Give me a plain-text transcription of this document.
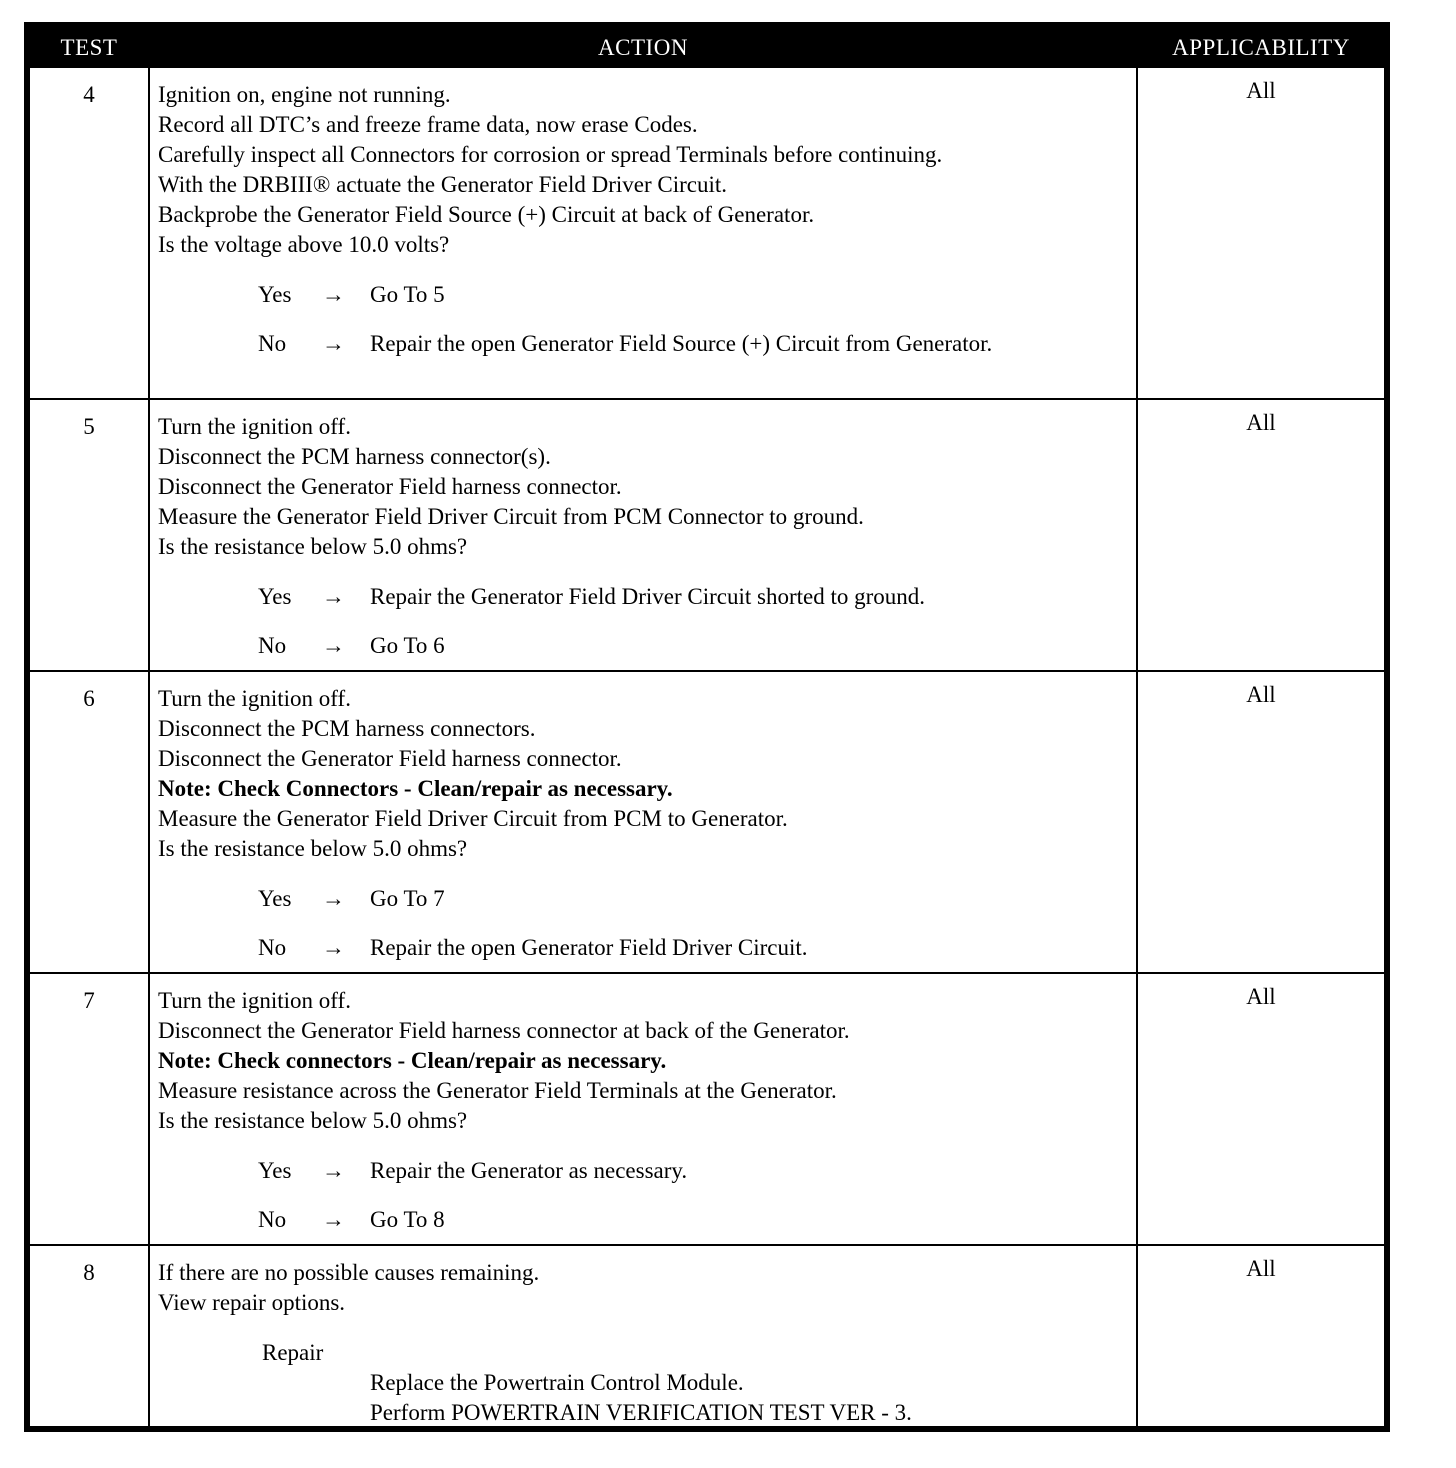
TEST	ACTION	APPLICABILITY
4	Ignition on, engine not running.
Record all DTC’s and freeze frame data, now erase Codes.
Carefully inspect all Connectors for corrosion or spread Terminals before continuing.
With the DRBIII® actuate the Generator Field Driver Circuit.
Backprobe the Generator Field Source (+) Circuit at back of Generator.
Is the voltage above 10.0 volts?
Yes	→	Go To 5
No	→	Repair the open Generator Field Source (+) Circuit from Generator.
All
5	Turn the ignition off.
Disconnect the PCM harness connector(s).
Disconnect the Generator Field harness connector.
Measure the Generator Field Driver Circuit from PCM Connector to ground.
Is the resistance below 5.0 ohms?
Yes	→	Repair the Generator Field Driver Circuit shorted to ground.
No	→	Go To 6
All
6	Turn the ignition off.
Disconnect the PCM harness connectors.
Disconnect the Generator Field harness connector.
Note: Check Connectors - Clean/repair as necessary.
Measure the Generator Field Driver Circuit from PCM to Generator.
Is the resistance below 5.0 ohms?
Yes	→	Go To 7
No	→	Repair the open Generator Field Driver Circuit.
All
7	Turn the ignition off.
Disconnect the Generator Field harness connector at back of the Generator.
Note: Check connectors - Clean/repair as necessary.
Measure resistance across the Generator Field Terminals at the Generator.
Is the resistance below 5.0 ohms?
Yes	→	Repair the Generator as necessary.
No	→	Go To 8
All
8	If there are no possible causes remaining.
View repair options.
Repair
Replace the Powertrain Control Module.
Perform POWERTRAIN VERIFICATION TEST VER - 3.
All
